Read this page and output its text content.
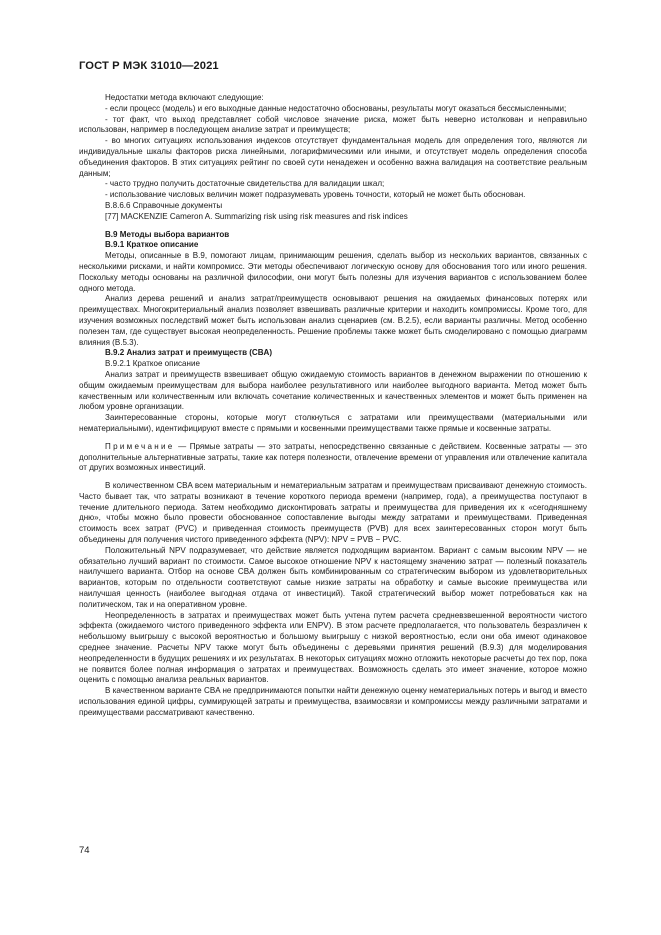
ГОСТ Р МЭК 31010—2021

Недостатки метода включают следующие:

- если процесс (модель) и его выходные данные недостаточно обоснованы, результаты могут оказаться бессмысленными;

- тот факт, что выход представляет собой числовое значение риска, может быть неверно истолкован и неправильно использован, например в последующем анализе затрат и преимуществ;

- во многих ситуациях использования индексов отсутствует фундаментальная модель для определения того, являются ли индивидуальные шкалы факторов риска линейными, логарифмическими или иными, и отсутствует модель определения способа объединения факторов. В этих ситуациях рейтинг по своей сути ненадежен и особенно важна валидация на соответствие реальным данным;

- часто трудно получить достаточные свидетельства для валидации шкал;

- использование числовых величин может подразумевать уровень точности, который не может быть обоснован.

В.8.6.6 Справочные документы

[77] MACKENZIE Cameron A. Summarizing risk using risk measures and risk indices

В.9 Методы выбора вариантов

В.9.1 Краткое описание

Методы, описанные в В.9, помогают лицам, принимающим решения, сделать выбор из нескольких вариантов, связанных с несколькими рисками, и найти компромисс. Эти методы обеспечивают логическую основу для обоснования того или иного решения. Поскольку методы основаны на различной философии, они могут быть полезны для изучения вариантов с использованием более одного метода.

Анализ дерева решений и анализ затрат/преимуществ основывают решения на ожидаемых финансовых потерях или преимуществах. Многокритериальный анализ позволяет взвешивать различные критерии и находить компромиссы. Кроме того, для изучения возможных последствий может быть использован анализ сценариев (см. В.2.5), если варианты различны. Метод особенно полезен там, где существует высокая неопределенность. Решение проблемы также может быть смоделировано с помощью диаграмм влияния (В.5.3).

В.9.2 Анализ затрат и преимуществ (CBA)

В.9.2.1 Краткое описание

Анализ затрат и преимуществ взвешивает общую ожидаемую стоимость вариантов в денежном выражении по отношению к общим ожидаемым преимуществам для выбора наиболее результативного или наиболее выгодного варианта. Метод может быть качественным или количественным или включать сочетание количественных и качественных элементов и может быть применен на любом уровне организации.

Заинтересованные стороны, которые могут столкнуться с затратами или преимуществами (материальными или нематериальными), идентифицируют вместе с прямыми и косвенными преимуществами также прямые и косвенные затраты.

Примечание — Прямые затраты — это затраты, непосредственно связанные с действием. Косвенные затраты — это дополнительные альтернативные затраты, такие как потеря полезности, отвлечение времени от управления или отвлечение капитала от других возможных инвестиций.

В количественном CBA всем материальным и нематериальным затратам и преимуществам присваивают денежную стоимость. Часто бывает так, что затраты возникают в течение короткого периода времени (например, года), а преимущества поступают в течение длительного периода. Затем необходимо дисконтировать затраты и преимущества для приведения их к «сегодняшнему дню», чтобы можно было провести обоснованное сопоставление выгоды между затратами и преимуществами. Приведенная стоимость всех затрат (PVC) и приведенная стоимость преимуществ (PVB) для всех заинтересованных сторон могут быть объединены для получения чистого приведенного эффекта (NPV): NPV = PVB − PVC.

Положительный NPV подразумевает, что действие является подходящим вариантом. Вариант с самым высоким NPV — не обязательно лучший вариант по стоимости. Самое высокое отношение NPV к настоящему значению затрат — полезный показатель наилучшего варианта. Отбор на основе CBA должен быть комбинированным со стратегическим выбором из удовлетворительных вариантов, которым по отдельности соответствуют самые низкие затраты на обработку и самые высокие преимущества или наилучшая ценность (наиболее выгодная отдача от инвестиций). Такой стратегический выбор может потребоваться как на политическом, так и на оперативном уровне.

Неопределенность в затратах и преимуществах может быть учтена путем расчета средневзвешенной вероятности чистого эффекта (ожидаемого чистого приведенного эффекта или ENPV). В этом расчете предполагается, что пользователь безразличен к небольшому выигрышу с высокой вероятностью и большому выигрышу с низкой вероятностью, если они оба имеют одинаковое среднее значение. Расчеты NPV также могут быть объединены с деревьями принятия решений (В.9.3) для моделирования неопределенности в будущих решениях и их результатах. В некоторых ситуациях можно отложить некоторые расчеты до тех пор, пока не появится более полная информация о затратах и преимуществах. Возможность сделать это имеет значение, которое можно оценить с помощью анализа реальных вариантов.

В качественном варианте CBA не предпринимаются попытки найти денежную оценку нематериальных потерь и выгод и вместо использования единой цифры, суммирующей затраты и преимущества, взаимосвязи и компромиссы между различными затратами и преимуществами рассматривают качественно.

74
